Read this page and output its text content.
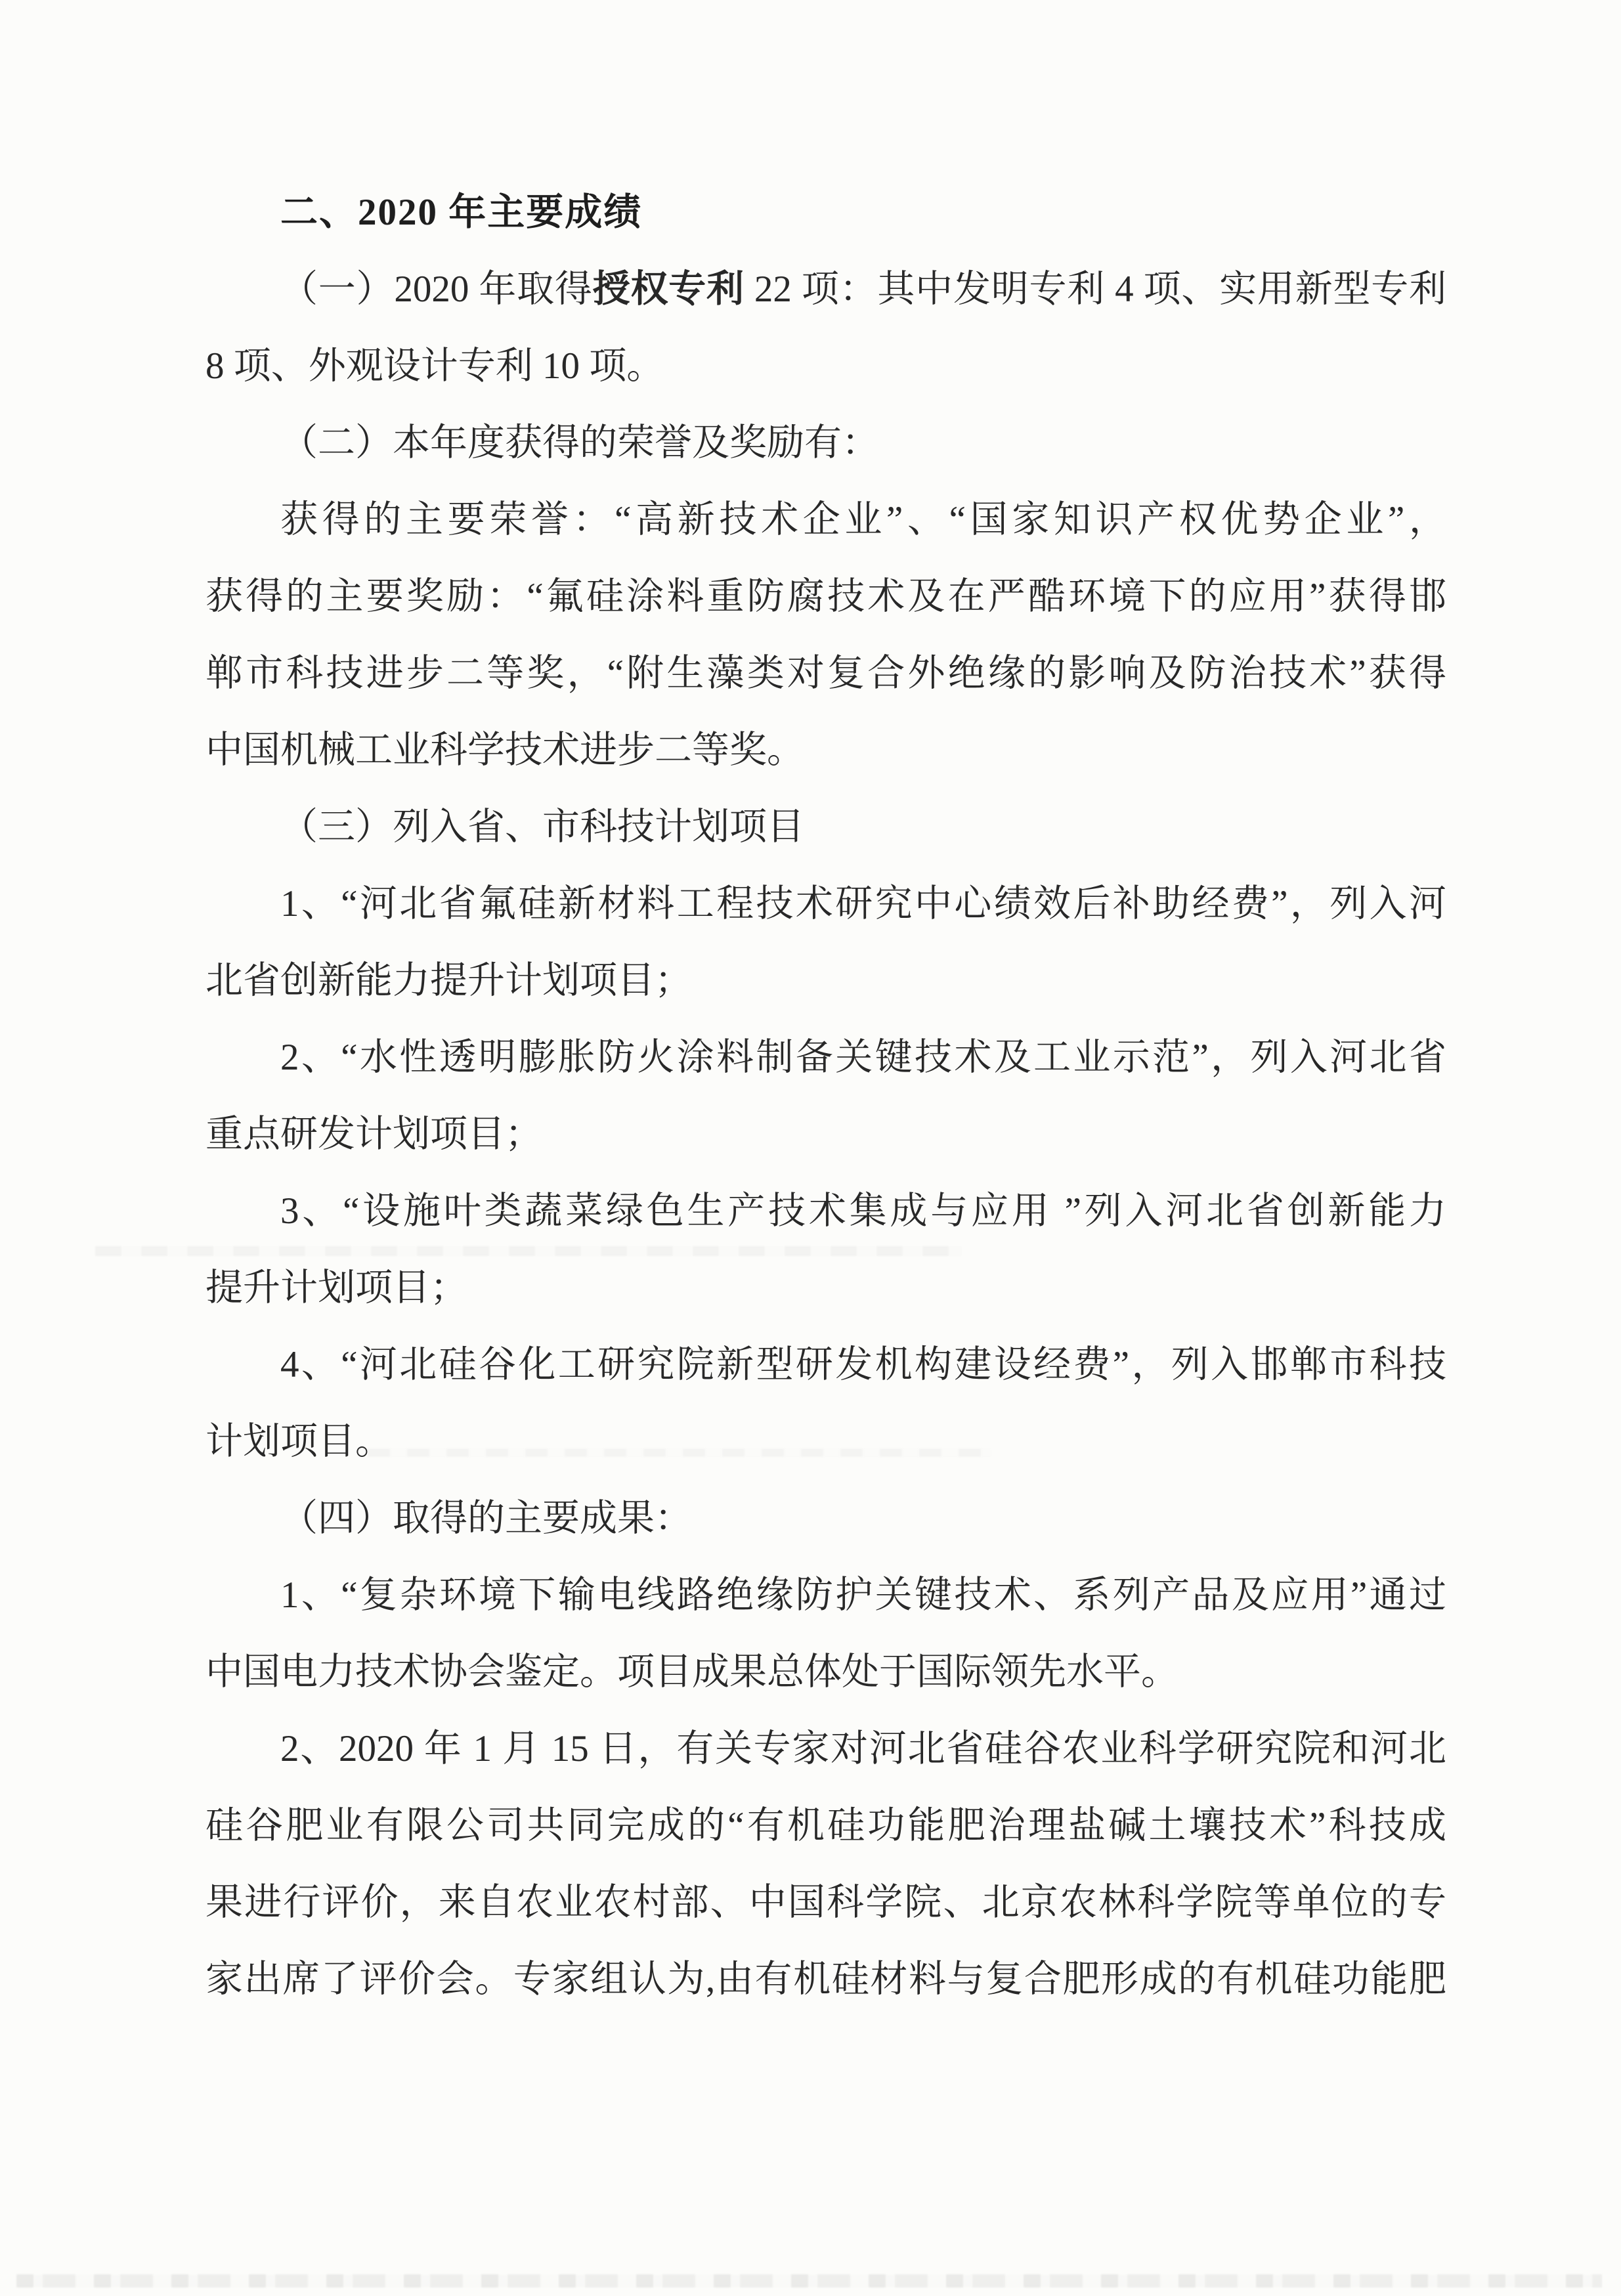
二、2020 年主要成绩
（一）2020 年取得授权专利 22 项：其中发明专利 4 项、实用新型专利
8 项、外观设计专利 10 项。
（二）本年度获得的荣誉及奖励有：
获得的主要荣誉：“高新技术企业”、“国家知识产权优势企业”，
获得的主要奖励：“氟硅涂料重防腐技术及在严酷环境下的应用”获得邯
郸市科技进步二等奖，“附生藻类对复合外绝缘的影响及防治技术”获得
中国机械工业科学技术进步二等奖。
（三）列入省、市科技计划项目
1、“河北省氟硅新材料工程技术研究中心绩效后补助经费”，列入河
北省创新能力提升计划项目；
2、“水性透明膨胀防火涂料制备关键技术及工业示范”，列入河北省
重点研发计划项目；
3、“设施叶类蔬菜绿色生产技术集成与应用 ”列入河北省创新能力
提升计划项目；
4、“河北硅谷化工研究院新型研发机构建设经费”，列入邯郸市科技
计划项目。
（四）取得的主要成果：
1、“复杂环境下输电线路绝缘防护关键技术、系列产品及应用”通过
中国电力技术协会鉴定。项目成果总体处于国际领先水平。
2、2020 年 1 月 15 日，有关专家对河北省硅谷农业科学研究院和河北
硅谷肥业有限公司共同完成的“有机硅功能肥治理盐碱土壤技术”科技成
果进行评价，来自农业农村部、中国科学院、北京农林科学院等单位的专
家出席了评价会。专家组认为,由有机硅材料与复合肥形成的有机硅功能肥
